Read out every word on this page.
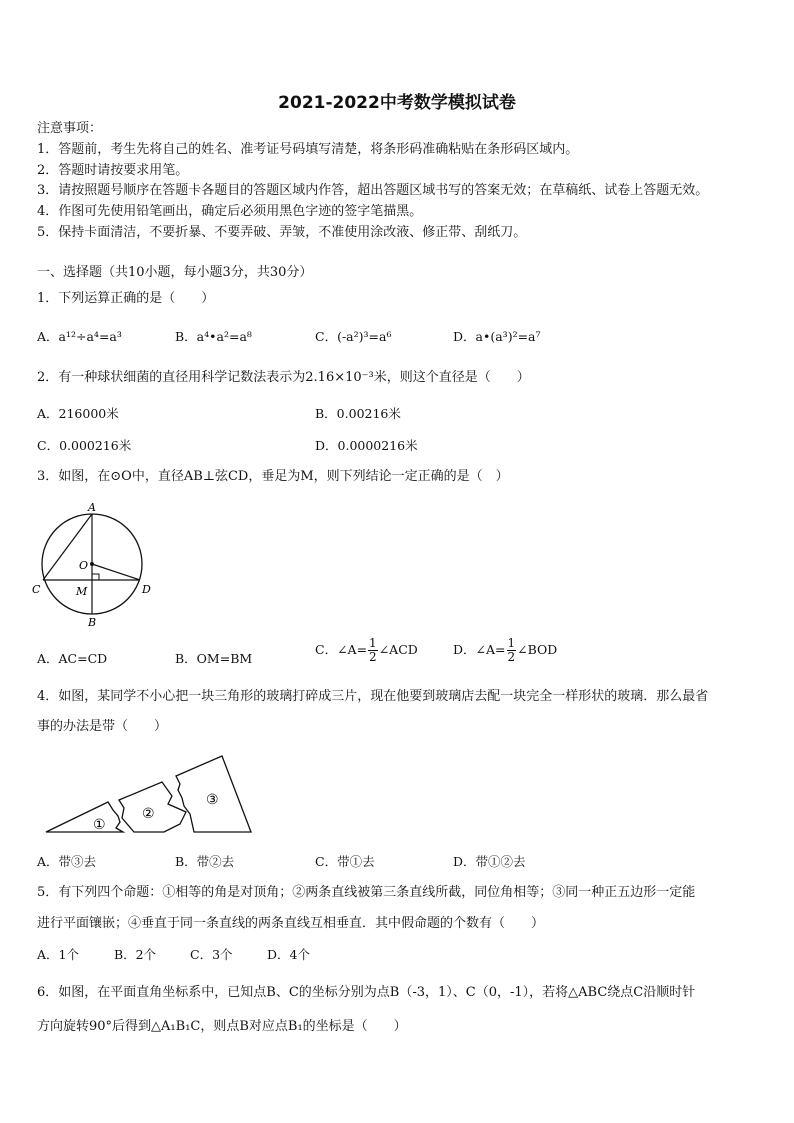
2021-2022中考数学模拟试卷
注意事项：
1．答题前，考生先将自己的姓名、准考证号码填写清楚，将条形码准确粘贴在条形码区域内。
2．答题时请按要求用笔。
3．请按照题号顺序在答题卡各题目的答题区域内作答，超出答题区域书写的答案无效；在草稿纸、试卷上答题无效。
4．作图可先使用铅笔画出，确定后必须用黑色字迹的签字笔描黑。
5．保持卡面清洁，不要折暴、不要弄破、弄皱，不准使用涂改液、修正带、刮纸刀。
一、选择题（共10小题，每小题3分，共30分）
1．下列运算正确的是（　　）
A．a¹²÷a⁴=a³	B．a⁴•a²=a⁸	C．(-a²)³=a⁶	D．a•(a³)²=a⁷
2．有一种球状细菌的直径用科学记数法表示为2.16×10⁻³米，则这个直径是（　　）
A．216000米	B．0.00216米
C．0.000216米	D．0.0000216米
3．如图，在⊙O中，直径AB⊥弦CD，垂足为M，则下列结论一定正确的是（　）
A
B
C	D
O
M
A．AC=CD	B．OM=BM
C．∠A= $\frac{1}{2}$ ∠ACD	D．∠A= $\frac{1}{2}$ ∠BOD
4．如图，某同学不小心把一块三角形的玻璃打碎成三片，现在他要到玻璃店去配一块完全一样形状的玻璃．那么最省
事的办法是带（　　）
①
②
③
A．带③去	B．带②去	C．带①去	D．带①②去
5．有下列四个命题：①相等的角是对顶角；②两条直线被第三条直线所截，同位角相等；③同一种正五边形一定能
进行平面镶嵌；④垂直于同一条直线的两条直线互相垂直．其中假命题的个数有（　　）
A．1个	B．2个	C．3个	D．4个
6．如图，在平面直角坐标系中，已知点B、C的坐标分别为点B（-3，1）、C（0，-1），若将△ABC绕点C沿顺时针
方向旋转90°后得到△A₁B₁C，则点B对应点B₁的坐标是（　　）
